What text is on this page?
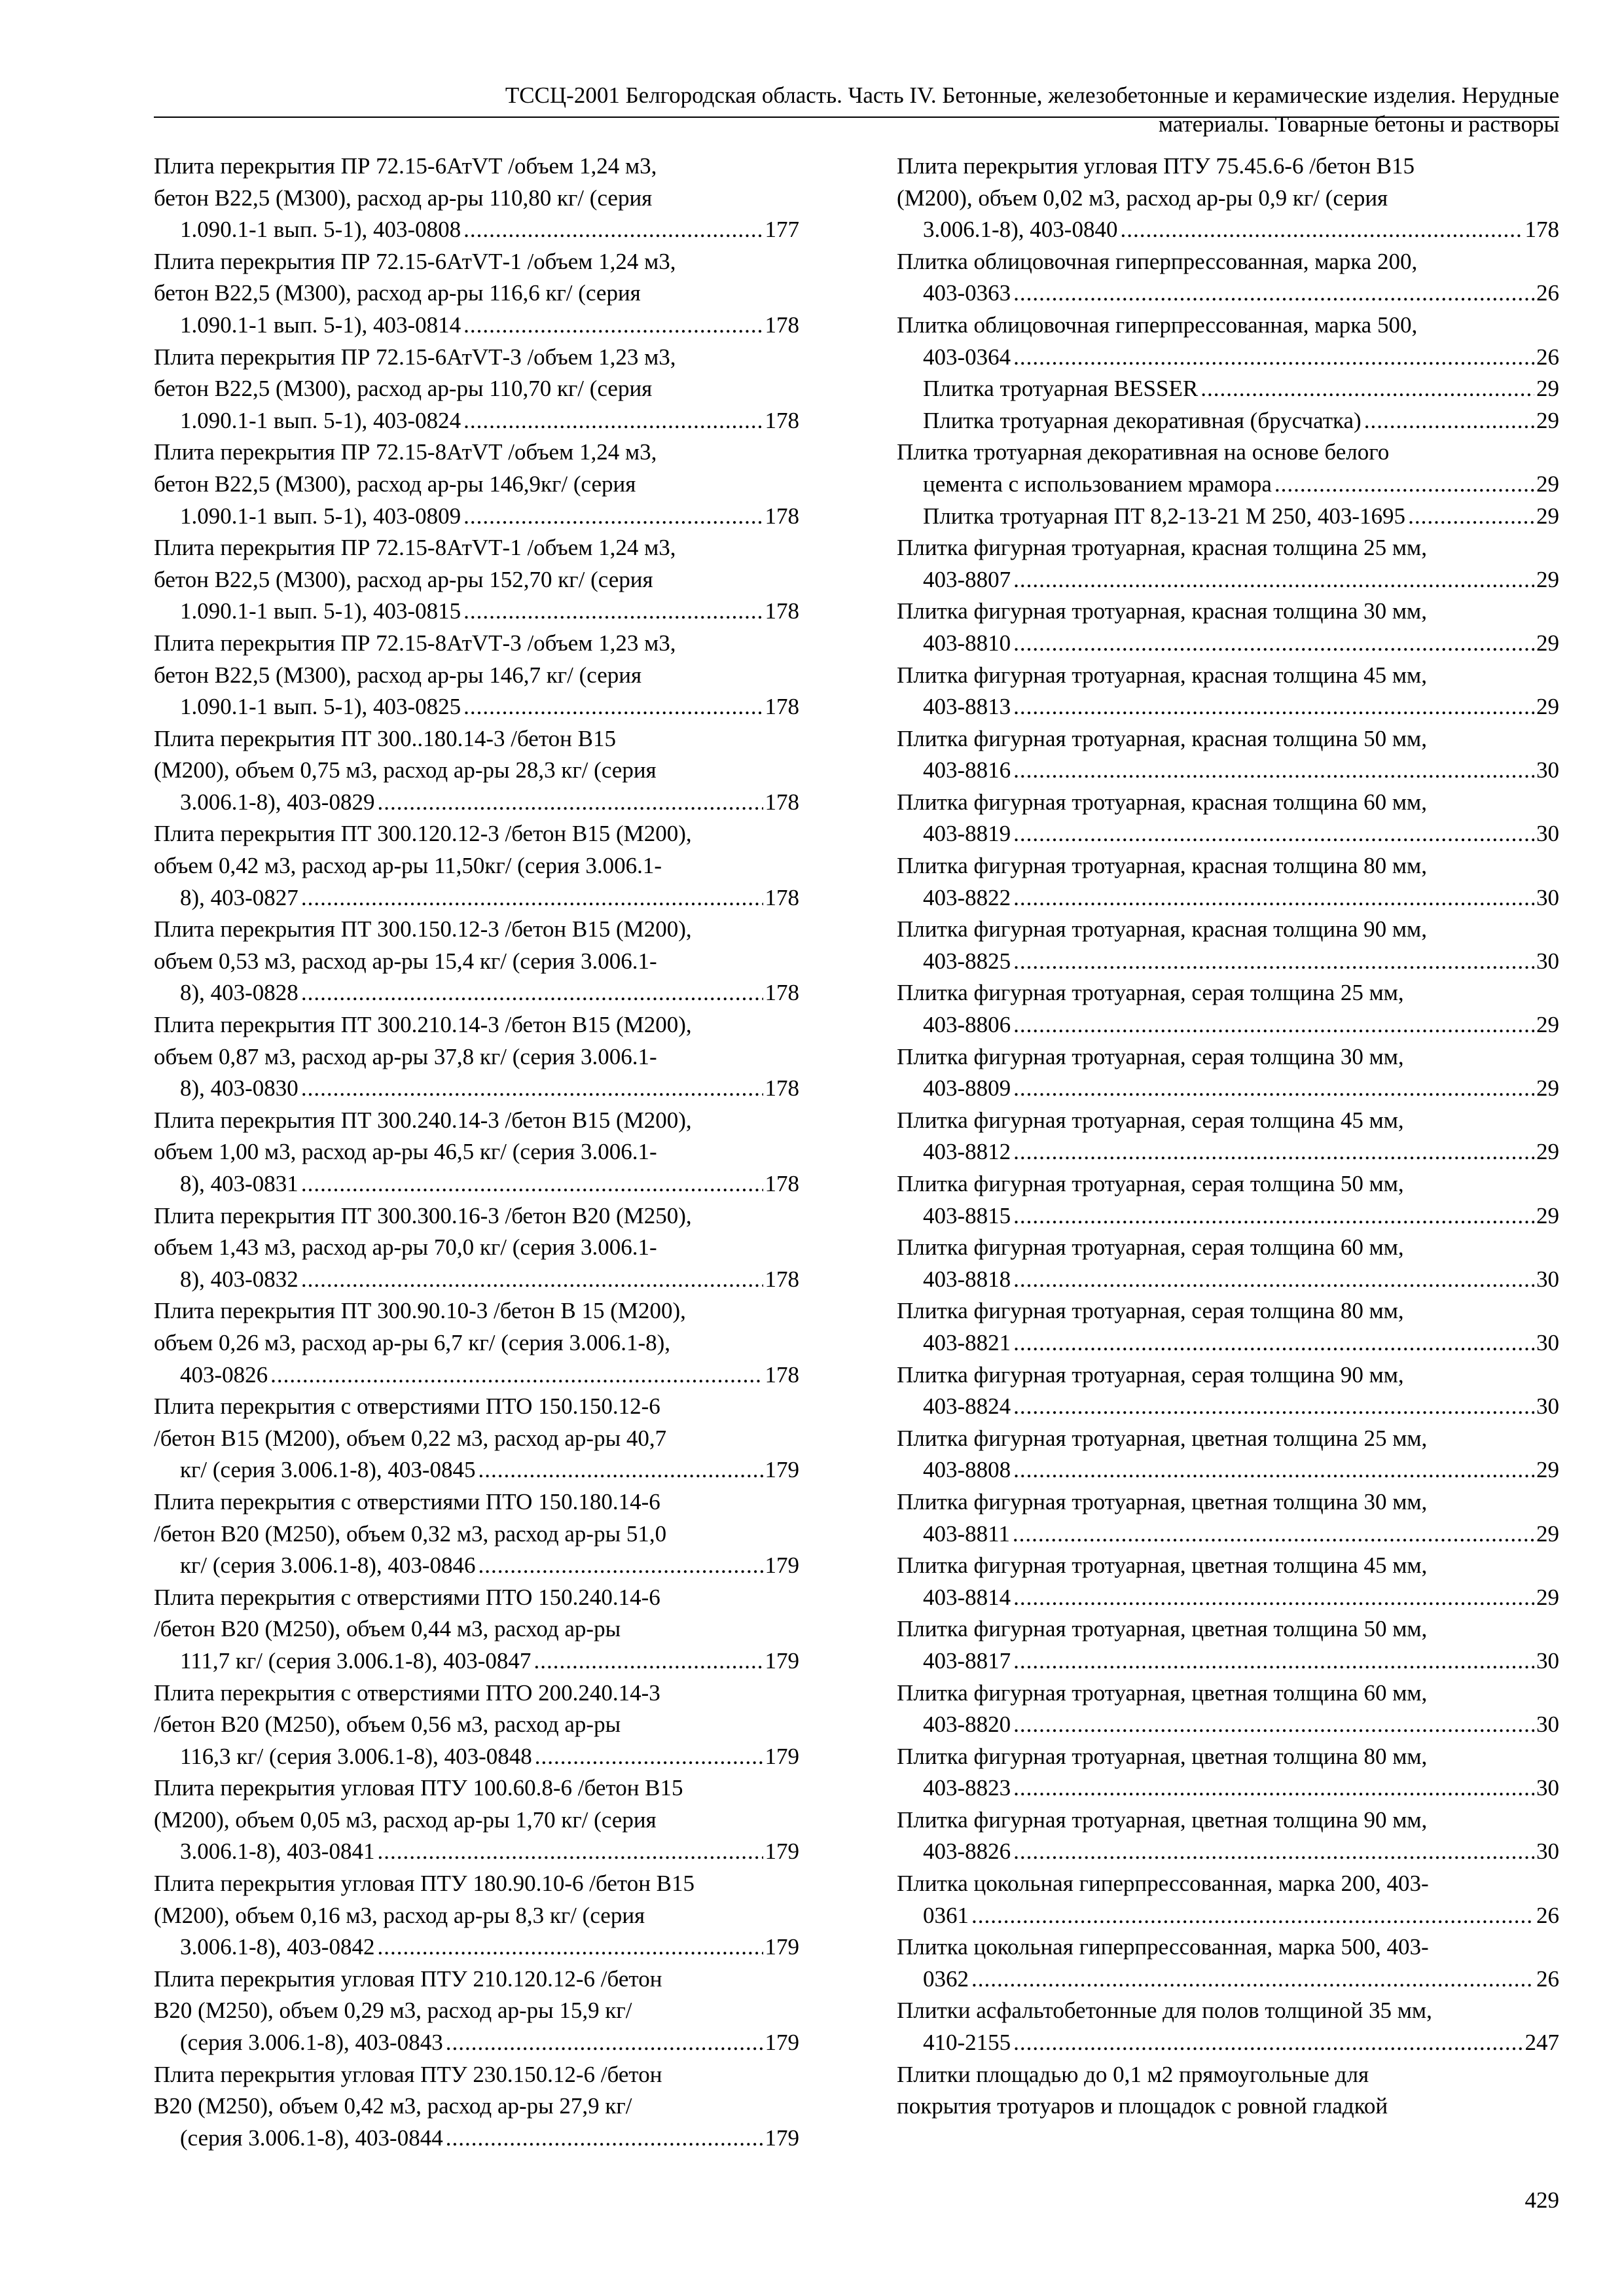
ТССЦ-2001 Белгородская область. Часть IV. Бетонные, железобетонные и керамические изделия. Нерудные
материалы. Товарные бетоны и растворы
Плита перекрытия ПР 72.15-6АтVТ /объем 1,24 м3,
бетон В22,5 (М300), расход ар-ры 110,80 кг/ (серия
1.090.1-1 вып. 5-1), 403-0808 .....	177
Плита перекрытия ПР 72.15-6АтVТ-1 /объем 1,24 м3,
бетон В22,5 (М300), расход ар-ры 116,6 кг/ (серия
1.090.1-1 вып. 5-1), 403-0814 .....	178
Плита перекрытия ПР 72.15-6АтVТ-3 /объем 1,23 м3,
бетон В22,5 (М300), расход ар-ры 110,70 кг/ (серия
1.090.1-1 вып. 5-1), 403-0824 .....	178
Плита перекрытия ПР 72.15-8АтVТ /объем 1,24 м3,
бетон В22,5 (М300), расход ар-ры 146,9кг/ (серия
1.090.1-1 вып. 5-1), 403-0809 .....	178
Плита перекрытия ПР 72.15-8АтVТ-1 /объем 1,24 м3,
бетон В22,5 (М300), расход ар-ры 152,70 кг/ (серия
1.090.1-1 вып. 5-1), 403-0815 .....	178
Плита перекрытия ПР 72.15-8АтVТ-3 /объем 1,23 м3,
бетон В22,5 (М300), расход ар-ры 146,7 кг/ (серия
1.090.1-1 вып. 5-1), 403-0825 .....	178
Плита перекрытия ПТ 300..180.14-3 /бетон В15
(М200), объем 0,75 м3, расход ар-ры 28,3 кг/ (серия
3.006.1-8), 403-0829 .....	178
Плита перекрытия ПТ 300.120.12-3 /бетон В15 (М200),
объем 0,42 м3, расход ар-ры 11,50кг/ (серия 3.006.1-
8), 403-0827 .....	178
Плита перекрытия ПТ 300.150.12-3 /бетон В15 (М200),
объем 0,53 м3, расход ар-ры 15,4 кг/ (серия 3.006.1-
8), 403-0828 .....	178
Плита перекрытия ПТ 300.210.14-3 /бетон В15 (М200),
объем 0,87 м3, расход ар-ры 37,8 кг/ (серия 3.006.1-
8), 403-0830 .....	178
Плита перекрытия ПТ 300.240.14-3 /бетон В15 (М200),
объем 1,00 м3, расход ар-ры 46,5 кг/ (серия 3.006.1-
8), 403-0831 .....	178
Плита перекрытия ПТ 300.300.16-3 /бетон В20 (М250),
объем 1,43 м3, расход ар-ры 70,0 кг/ (серия 3.006.1-
8), 403-0832 .....	178
Плита перекрытия ПТ 300.90.10-3 /бетон В 15 (М200),
объем 0,26 м3, расход ар-ры 6,7 кг/ (серия 3.006.1-8),
403-0826 .....	178
Плита перекрытия с отверстиями ПТО 150.150.12-6
/бетон В15 (М200), объем 0,22 м3, расход ар-ры 40,7
кг/ (серия 3.006.1-8), 403-0845 .....	179
Плита перекрытия с отверстиями ПТО 150.180.14-6
/бетон В20 (М250), объем 0,32 м3, расход ар-ры 51,0
кг/ (серия 3.006.1-8), 403-0846 .....	179
Плита перекрытия с отверстиями ПТО 150.240.14-6
/бетон В20 (М250), объем 0,44 м3, расход ар-ры
111,7 кг/ (серия 3.006.1-8), 403-0847 .....	179
Плита перекрытия с отверстиями ПТО 200.240.14-3
/бетон В20 (М250), объем 0,56 м3, расход ар-ры
116,3 кг/ (серия 3.006.1-8), 403-0848 .....	179
Плита перекрытия угловая ПТУ 100.60.8-6 /бетон В15
(М200), объем 0,05 м3, расход ар-ры 1,70 кг/ (серия
3.006.1-8), 403-0841 .....	179
Плита перекрытия угловая ПТУ 180.90.10-6 /бетон В15
(М200), объем 0,16 м3, расход ар-ры 8,3 кг/ (серия
3.006.1-8), 403-0842 .....	179
Плита перекрытия угловая ПТУ 210.120.12-6 /бетон
В20 (М250), объем 0,29 м3, расход ар-ры 15,9 кг/
(серия 3.006.1-8), 403-0843 .....	179
Плита перекрытия угловая ПТУ 230.150.12-6 /бетон
В20 (М250), объем 0,42 м3, расход ар-ры 27,9 кг/
(серия 3.006.1-8), 403-0844 .....	179
Плита перекрытия угловая ПТУ 75.45.6-6 /бетон В15
(М200), объем 0,02 м3, расход ар-ры 0,9 кг/ (серия
3.006.1-8), 403-0840 .....	178
Плитка облицовочная гиперпрессованная, марка 200,
403-0363 .....	26
Плитка облицовочная гиперпрессованная, марка 500,
403-0364 .....	26
Плитка тротуарная BESSER .....	29
Плитка тротуарная декоративная (брусчатка) .....	29
Плитка тротуарная декоративная на основе белого
цемента с использованием мрамора .....	29
Плитка тротуарная ПТ 8,2-13-21 М 250, 403-1695 .....	29
Плитка фигурная тротуарная, красная толщина 25 мм,
403-8807 .....	29
Плитка фигурная тротуарная, красная толщина 30 мм,
403-8810 .....	29
Плитка фигурная тротуарная, красная толщина 45 мм,
403-8813 .....	29
Плитка фигурная тротуарная, красная толщина 50 мм,
403-8816 .....	30
Плитка фигурная тротуарная, красная толщина 60 мм,
403-8819 .....	30
Плитка фигурная тротуарная, красная толщина 80 мм,
403-8822 .....	30
Плитка фигурная тротуарная, красная толщина 90 мм,
403-8825 .....	30
Плитка фигурная тротуарная, серая толщина 25 мм,
403-8806 .....	29
Плитка фигурная тротуарная, серая толщина 30 мм,
403-8809 .....	29
Плитка фигурная тротуарная, серая толщина 45 мм,
403-8812 .....	29
Плитка фигурная тротуарная, серая толщина 50 мм,
403-8815 .....	29
Плитка фигурная тротуарная, серая толщина 60 мм,
403-8818 .....	30
Плитка фигурная тротуарная, серая толщина 80 мм,
403-8821 .....	30
Плитка фигурная тротуарная, серая толщина 90 мм,
403-8824 .....	30
Плитка фигурная тротуарная, цветная толщина 25 мм,
403-8808 .....	29
Плитка фигурная тротуарная, цветная толщина 30 мм,
403-8811 .....	29
Плитка фигурная тротуарная, цветная толщина 45 мм,
403-8814 .....	29
Плитка фигурная тротуарная, цветная толщина 50 мм,
403-8817 .....	30
Плитка фигурная тротуарная, цветная толщина 60 мм,
403-8820 .....	30
Плитка фигурная тротуарная, цветная толщина 80 мм,
403-8823 .....	30
Плитка фигурная тротуарная, цветная толщина 90 мм,
403-8826 .....	30
Плитка цокольная гиперпрессованная, марка 200, 403-
0361 .....	26
Плитка цокольная гиперпрессованная, марка 500, 403-
0362 .....	26
Плитки асфальтобетонные для полов толщиной 35 мм,
410-2155 .....	247
Плитки площадью до 0,1 м2 прямоугольные для
покрытия тротуаров и площадок с ровной гладкой
429
